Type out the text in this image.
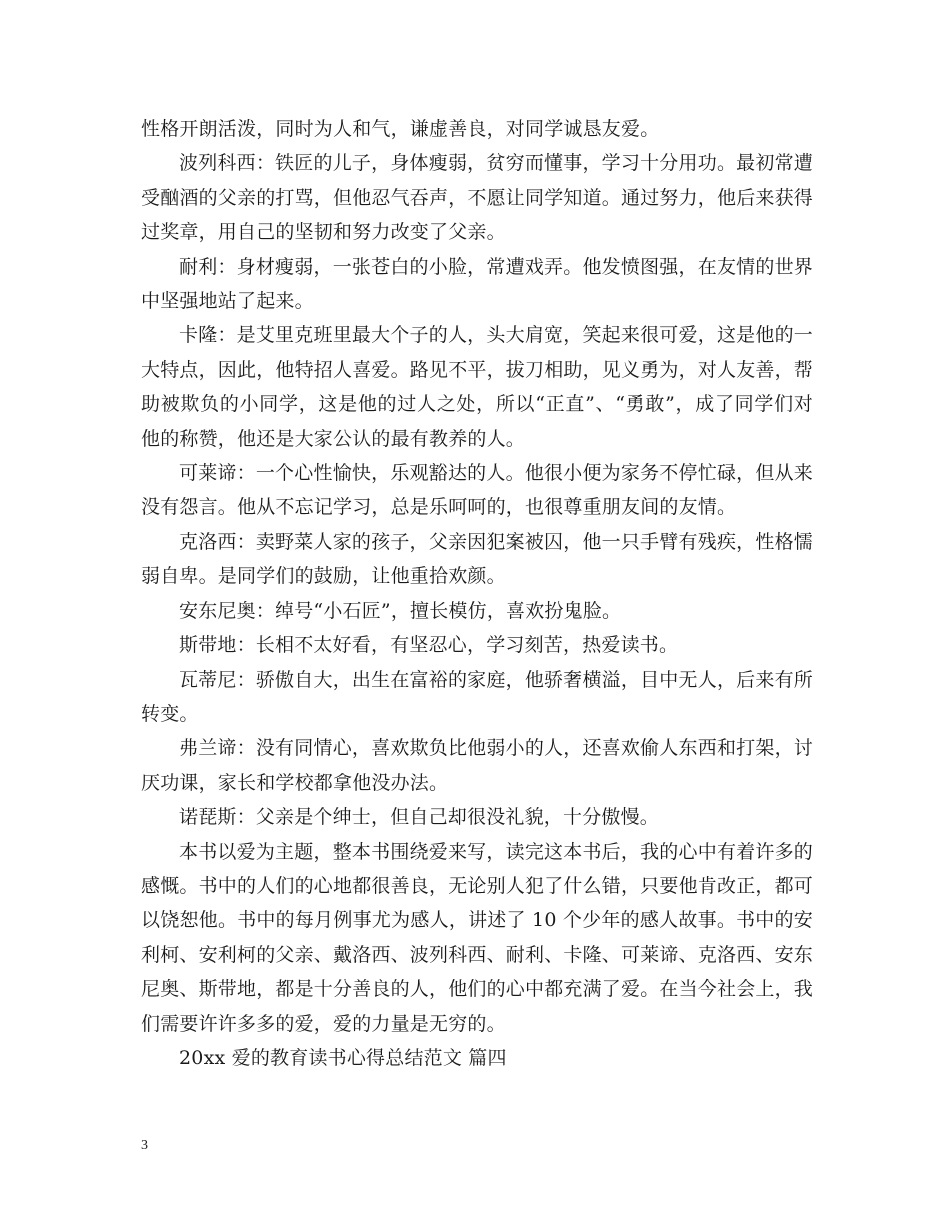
性格开朗活泼，同时为人和气，谦虚善良，对同学诚恳友爱。

波列科西：铁匠的儿子，身体瘦弱，贫穷而懂事，学习十分用功。最初常遭受酗酒的父亲的打骂，但他忍气吞声，不愿让同学知道。通过努力，他后来获得过奖章，用自己的坚韧和努力改变了父亲。

耐利：身材瘦弱，一张苍白的小脸，常遭戏弄。他发愤图强，在友情的世界中坚强地站了起来。

卡隆：是艾里克班里最大个子的人，头大肩宽，笑起来很可爱，这是他的一大特点，因此，他特招人喜爱。路见不平，拔刀相助，见义勇为，对人友善，帮助被欺负的小同学，这是他的过人之处，所以“正直”、“勇敢”，成了同学们对他的称赞，他还是大家公认的最有教养的人。

可莱谛：一个心性愉快，乐观豁达的人。他很小便为家务不停忙碌，但从来没有怨言。他从不忘记学习，总是乐呵呵的，也很尊重朋友间的友情。

克洛西：卖野菜人家的孩子，父亲因犯案被囚，他一只手臂有残疾，性格懦弱自卑。是同学们的鼓励，让他重拾欢颜。

安东尼奥：绰号“小石匠”，擅长模仿，喜欢扮鬼脸。

斯带地：长相不太好看，有坚忍心，学习刻苦，热爱读书。

瓦蒂尼：骄傲自大，出生在富裕的家庭，他骄奢横溢，目中无人，后来有所转变。

弗兰谛：没有同情心，喜欢欺负比他弱小的人，还喜欢偷人东西和打架，讨厌功课，家长和学校都拿他没办法。

诺琵斯：父亲是个绅士，但自己却很没礼貌，十分傲慢。

本书以爱为主题，整本书围绕爱来写，读完这本书后，我的心中有着许多的感慨。书中的人们的心地都很善良，无论别人犯了什么错，只要他肯改正，都可以饶恕他。书中的每月例事尤为感人，讲述了 10 个少年的感人故事。书中的安利柯、安利柯的父亲、戴洛西、波列科西、耐利、卡隆、可莱谛、克洛西、安东尼奥、斯带地，都是十分善良的人，他们的心中都充满了爱。在当今社会上，我们需要许许多多的爱，爱的力量是无穷的。

20xx 爱的教育读书心得总结范文 篇四

3
